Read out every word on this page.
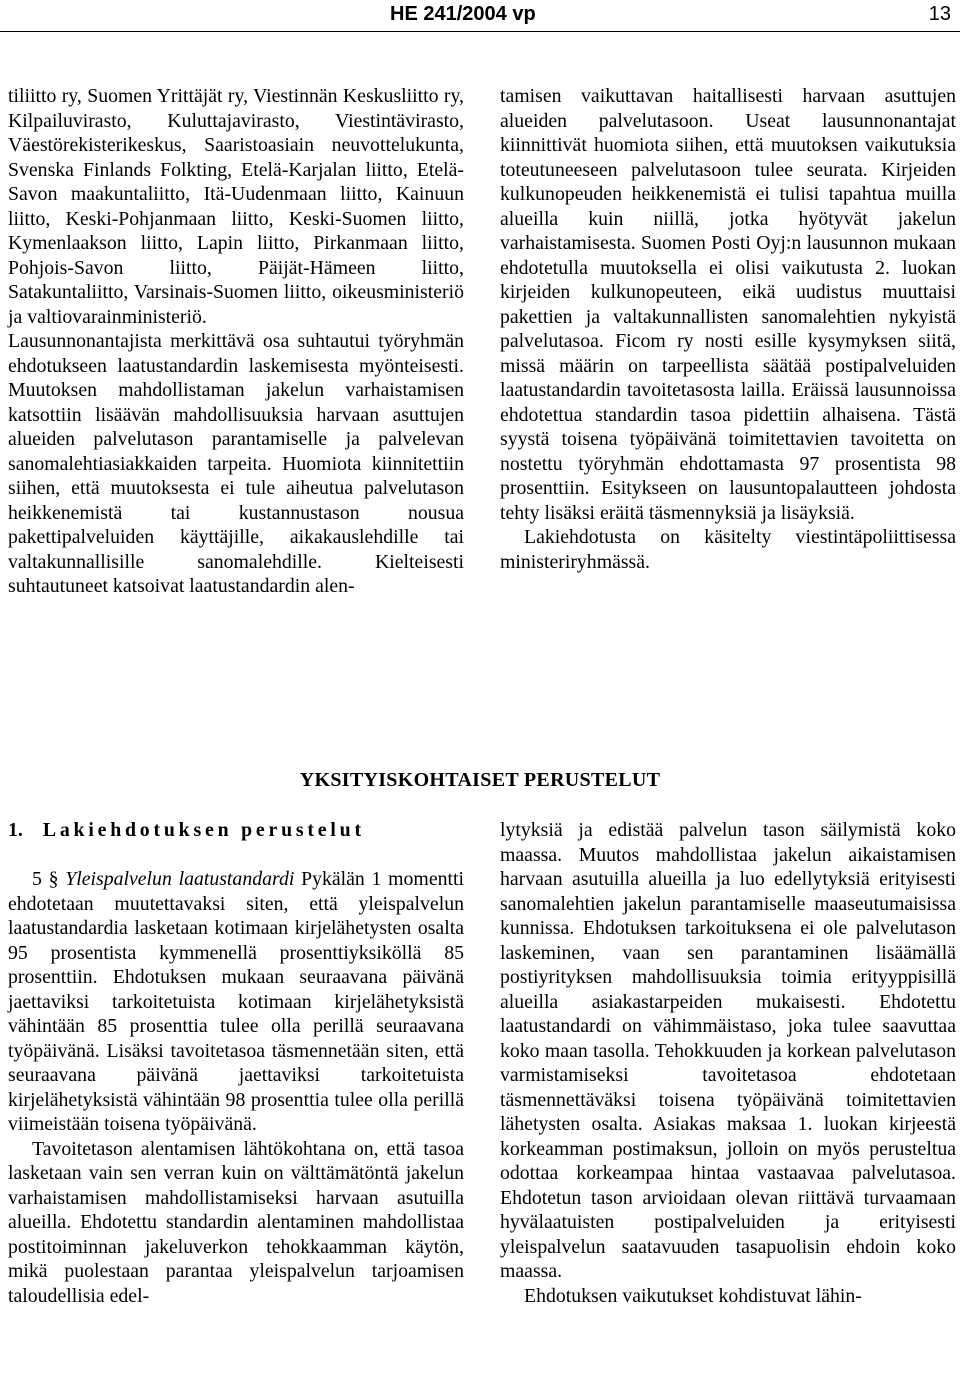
HE 241/2004 vp	13

tiliitto ry, Suomen Yrittäjät ry, Viestinnän Keskusliitto ry, Kilpailuvirasto, Kuluttajavirasto, Viestintävirasto, Väestörekisterikeskus, Saaristoasiain neuvottelukunta, Svenska Finlands Folkting, Etelä-Karjalan liitto, Etelä-Savon maakuntaliitto, Itä-Uudenmaan liitto, Kainuun liitto, Keski-Pohjanmaan liitto, Keski-Suomen liitto, Kymenlaakson liitto, Lapin liitto, Pirkanmaan liitto, Pohjois-Savon liitto, Päijät-Hämeen liitto, Satakuntaliitto, Varsinais-Suomen liitto, oikeusministeriö ja valtiovarainministeriö.

Lausunnonantajista merkittävä osa suhtautui työryhmän ehdotukseen laatustandardin laskemisesta myönteisesti. Muutoksen mahdollistaman jakelun varhaistamisen katsottiin lisäävän mahdollisuuksia harvaan asuttujen alueiden palvelutason parantamiselle ja palvelevan sanomalehtiasiakkaiden tarpeita. Huomiota kiinnitettiin siihen, että muutoksesta ei tule aiheutua palvelutason heikkenemistä tai kustannustason nousua pakettipalveluiden käyttäjille, aikakauslehdille tai valtakunnallisille sanomalehdille. Kielteisesti suhtautuneet katsoivat laatustandardin alen-

tamisen vaikuttavan haitallisesti harvaan asuttujen alueiden palvelutasoon. Useat lausunnonantajat kiinnittivät huomiota siihen, että muutoksen vaikutuksia toteutuneeseen palvelutasoon tulee seurata. Kirjeiden kulkunopeuden heikkenemistä ei tulisi tapahtua muilla alueilla kuin niillä, jotka hyötyvät jakelun varhaistamisesta. Suomen Posti Oyj:n lausunnon mukaan ehdotetulla muutoksella ei olisi vaikutusta 2. luokan kirjeiden kulkunopeuteen, eikä uudistus muuttaisi pakettien ja valtakunnallisten sanomalehtien nykyistä palvelutasoa. Ficom ry nosti esille kysymyksen siitä, missä määrin on tarpeellista säätää postipalveluiden laatustandardin tavoitetasosta lailla. Eräissä lausunnoissa ehdotettua standardin tasoa pidettiin alhaisena. Tästä syystä toisena työpäivänä toimitettavien tavoitetta on nostettu työryhmän ehdottamasta 97 prosentista 98 prosenttiin. Esitykseen on lausuntopalautteen johdosta tehty lisäksi eräitä täsmennyksiä ja lisäyksiä.

Lakiehdotusta on käsitelty viestintäpoliittisessa ministeriryhmässä.

YKSITYISKOHTAISET PERUSTELUT
1. Lakiehdotuksen perustelut

5 § Yleispalvelun laatustandardi Pykälän 1 momentti ehdotetaan muutettavaksi siten, että yleispalvelun laatustandardia lasketaan kotimaan kirjelähetysten osalta 95 prosentista kymmenellä prosenttiyksiköllä 85 prosenttiin. Ehdotuksen mukaan seuraavana päivänä jaettaviksi tarkoitetuista kotimaan kirjelähetyksistä vähintään 85 prosenttia tulee olla perillä seuraavana työpäivänä. Lisäksi tavoitetasoa täsmennetään siten, että seuraavana päivänä jaettaviksi tarkoitetuista kirjelähetyksistä vähintään 98 prosenttia tulee olla perillä viimeistään toisena työpäivänä.

Tavoitetason alentamisen lähtökohtana on, että tasoa lasketaan vain sen verran kuin on välttämätöntä jakelun varhaistamisen mahdollistamiseksi harvaan asutuilla alueilla. Ehdotettu standardin alentaminen mahdollistaa postitoiminnan jakeluverkon tehokkaamman käytön, mikä puolestaan parantaa yleispalvelun tarjoamisen taloudellisia edel-

lytyksiä ja edistää palvelun tason säilymistä koko maassa. Muutos mahdollistaa jakelun aikaistamisen harvaan asutuilla alueilla ja luo edellytyksiä erityisesti sanomalehtien jakelun parantamiselle maaseutumaisissa kunnissa. Ehdotuksen tarkoituksena ei ole palvelutason laskeminen, vaan sen parantaminen lisäämällä postiyrityksen mahdollisuuksia toimia erityyppisillä alueilla asiakastarpeiden mukaisesti. Ehdotettu laatustandardi on vähimmäistaso, joka tulee saavuttaa koko maan tasolla. Tehokkuuden ja korkean palvelutason varmistamiseksi tavoitetasoa ehdotetaan täsmennettäväksi toisena työpäivänä toimitettavien lähetysten osalta. Asiakas maksaa 1. luokan kirjeestä korkeamman postimaksun, jolloin on myös perusteltua odottaa korkeampaa hintaa vastaavaa palvelutasoa. Ehdotetun tason arvioidaan olevan riittävä turvaamaan hyvälaatuisten postipalveluiden ja erityisesti yleispalvelun saatavuuden tasapuolisin ehdoin koko maassa.

Ehdotuksen vaikutukset kohdistuvat lähin-
